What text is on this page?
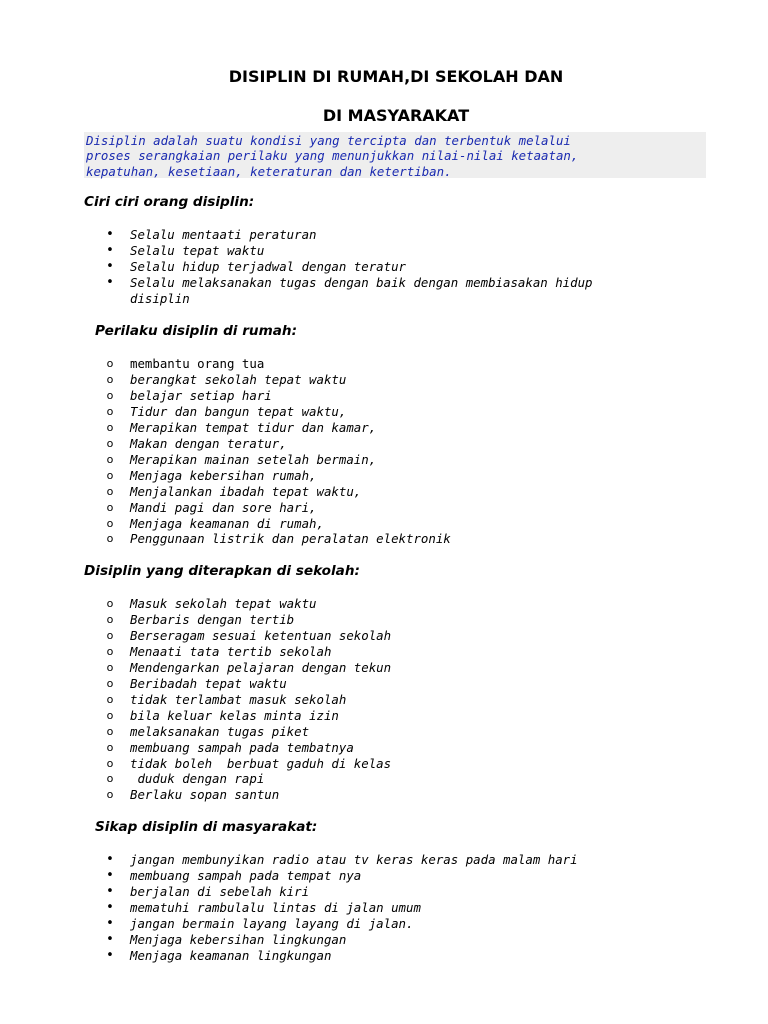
DISIPLIN DI RUMAH,DI SEKOLAH DAN
DI MASYARAKAT
Disiplin adalah suatu kondisi yang tercipta dan terbentuk melalui
proses serangkaian perilaku yang menunjukkan nilai-nilai ketaatan,
kepatuhan, kesetiaan, keteraturan dan ketertiban.
Ciri ciri orang disiplin:
• Selalu mentaati peraturan
• Selalu tepat waktu
• Selalu hidup terjadwal dengan teratur
• Selalu melaksanakan tugas dengan baik dengan membiasakan hidup
disiplin
Perilaku disiplin di rumah:
o membantu orang tua
o berangkat sekolah tepat waktu
o belajar setiap hari
o Tidur dan bangun tepat waktu,
o Merapikan tempat tidur dan kamar,
o Makan dengan teratur,
o Merapikan mainan setelah bermain,
o Menjaga kebersihan rumah,
o Menjalankan ibadah tepat waktu,
o Mandi pagi dan sore hari,
o Menjaga keamanan di rumah,
o Penggunaan listrik dan peralatan elektronik
Disiplin yang diterapkan di sekolah:
o Masuk sekolah tepat waktu
o Berbaris dengan tertib
o Berseragam sesuai ketentuan sekolah
o Menaati tata tertib sekolah
o Mendengarkan pelajaran dengan tekun
o Beribadah tepat waktu
o tidak terlambat masuk sekolah
o bila keluar kelas minta izin
o melaksanakan tugas piket
o membuang sampah pada tembatnya
o tidak boleh  berbuat gaduh di kelas
o duduk dengan rapi
o Berlaku sopan santun
Sikap disiplin di masyarakat:
• jangan membunyikan radio atau tv keras keras pada malam hari
• membuang sampah pada tempat nya
• berjalan di sebelah kiri
• mematuhi rambulalu lintas di jalan umum
• jangan bermain layang layang di jalan.
• Menjaga kebersihan lingkungan
• Menjaga keamanan lingkungan
